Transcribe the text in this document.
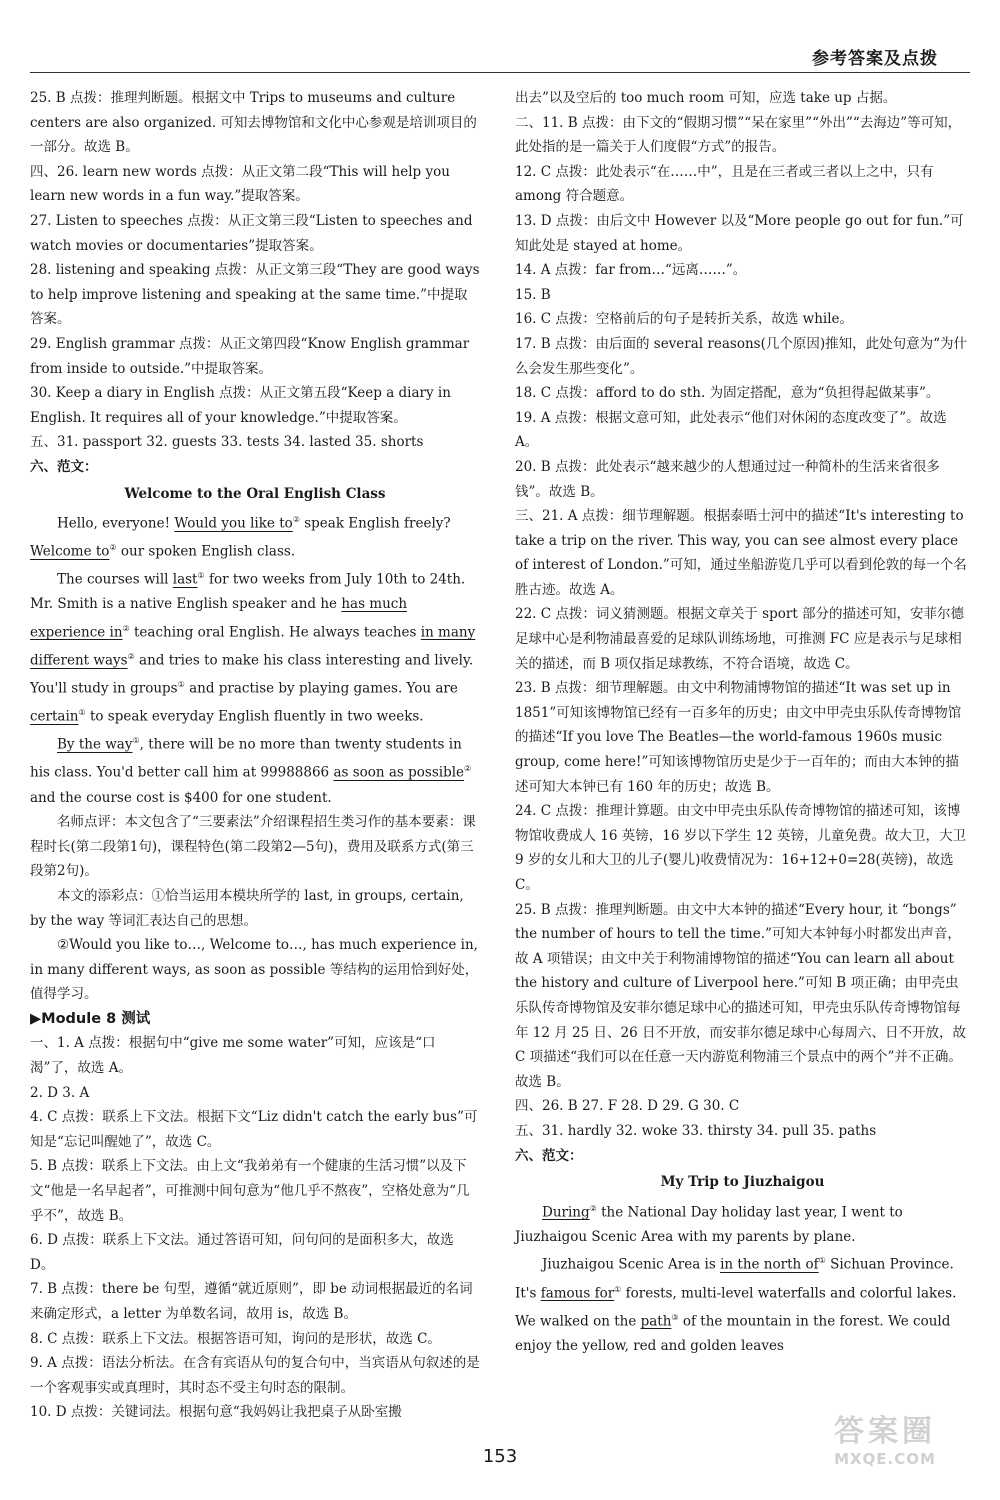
参考答案及点拨

25. B 点拨：推理判断题。根据文中 Trips to museums and culture centers are also organized. 可知去博物馆和文化中心参观是培训项目的一部分。故选 B。

四、26. learn new words 点拨：从正文第二段“This will help you learn new words in a fun way.”提取答案。

27. Listen to speeches 点拨：从正文第三段“Listen to speeches and watch movies or documentaries”提取答案。

28. listening and speaking 点拨：从正文第三段“They are good ways to help improve listening and speaking at the same time.”中提取答案。

29. English grammar 点拨：从正文第四段“Know English grammar from inside to outside.”中提取答案。

30. Keep a diary in English 点拨：从正文第五段“Keep a diary in English. It requires all of your knowledge.”中提取答案。

五、31. passport 32. guests 33. tests 34. lasted 35. shorts

六、范文：

Welcome to the Oral English Class

Hello, everyone! Would you like to② speak English freely? Welcome to② our spoken English class.

The courses will last① for two weeks from July 10th to 24th. Mr. Smith is a native English speaker and he has much experience in② teaching oral English. He always teaches in many different ways② and tries to make his class interesting and lively. You'll study in groups① and practise by playing games. You are certain① to speak everyday English fluently in two weeks.

By the way①, there will be no more than twenty students in his class. You'd better call him at 99988866 as soon as possible② and the course cost is $400 for one student.

名师点评：本文包含了“三要素法”介绍课程招生类习作的基本要素：课程时长(第二段第1句)，课程特色(第二段第2—5句)，费用及联系方式(第三段第2句)。

本文的添彩点：①恰当运用本模块所学的 last, in groups, certain, by the way 等词汇表达自己的思想。

②Would you like to…, Welcome to…, has much experience in, in many different ways, as soon as possible 等结构的运用恰到好处，值得学习。

▶Module 8 测试

一、1. A 点拨：根据句中“give me some water”可知，应该是“口渴”了，故选 A。

2. D 3. A

4. C 点拨：联系上下文法。根据下文“Liz didn't catch the early bus”可知是“忘记叫醒她了”，故选 C。

5. B 点拨：联系上下文法。由上文“我弟弟有一个健康的生活习惯”以及下文“他是一名早起者”，可推测中间句意为“他几乎不熬夜”，空格处意为“几乎不”，故选 B。

6. D 点拨：联系上下文法。通过答语可知，问句问的是面积多大，故选 D。

7. B 点拨：there be 句型，遵循“就近原则”，即 be 动词根据最近的名词来确定形式，a letter 为单数名词，故用 is，故选 B。

8. C 点拨：联系上下文法。根据答语可知，询问的是形状，故选 C。

9. A 点拨：语法分析法。在含有宾语从句的复合句中，当宾语从句叙述的是一个客观事实或真理时，其时态不受主句时态的限制。

10. D 点拨：关键词法。根据句意“我妈妈让我把桌子从卧室搬

出去”以及空后的 too much room 可知，应选 take up 占据。

二、11. B 点拨：由下文的“假期习惯”“呆在家里”“外出”“去海边”等可知，此处指的是一篇关于人们度假“方式”的报告。

12. C 点拨：此处表示“在……中”，且是在三者或三者以上之中，只有 among 符合题意。

13. D 点拨：由后文中 However 以及“More people go out for fun.”可知此处是 stayed at home。

14. A 点拨：far from…“远离……”。

15. B

16. C 点拨：空格前后的句子是转折关系，故选 while。

17. B 点拨：由后面的 several reasons(几个原因)推知，此处句意为“为什么会发生那些变化”。

18. C 点拨：afford to do sth. 为固定搭配，意为“负担得起做某事”。

19. A 点拨：根据文意可知，此处表示“他们对休闲的态度改变了”。故选 A。

20. B 点拨：此处表示“越来越少的人想通过过一种简朴的生活来省很多钱”。故选 B。

三、21. A 点拨：细节理解题。根据泰晤士河中的描述“It's interesting to take a trip on the river. This way, you can see almost every place of interest of London.”可知，通过坐船游览几乎可以看到伦敦的每一个名胜古迹。故选 A。

22. C 点拨：词义猜测题。根据文章关于 sport 部分的描述可知，安菲尔德足球中心是利物浦最喜爱的足球队训练场地，可推测 FC 应是表示与足球相关的描述，而 B 项仅指足球教练，不符合语境，故选 C。

23. B 点拨：细节理解题。由文中利物浦博物馆的描述“It was set up in 1851”可知该博物馆已经有一百多年的历史；由文中甲壳虫乐队传奇博物馆的描述“If you love The Beatles—the world-famous 1960s music group, come here!”可知该博物馆历史是少于一百年的；而由大本钟的描述可知大本钟已有 160 年的历史；故选 B。

24. C 点拨：推理计算题。由文中甲壳虫乐队传奇博物馆的描述可知，该博物馆收费成人 16 英镑，16 岁以下学生 12 英镑，儿童免费。故大卫，大卫 9 岁的女儿和大卫的儿子(婴儿)收费情况为：16+12+0=28(英镑)，故选 C。

25. B 点拨：推理判断题。由文中大本钟的描述“Every hour, it “bongs” the number of hours to tell the time.”可知大本钟每小时都发出声音，故 A 项错误；由文中关于利物浦博物馆的描述“You can learn all about the history and culture of Liverpool here.”可知 B 项正确；由甲壳虫乐队传奇博物馆及安菲尔德足球中心的描述可知，甲壳虫乐队传奇博物馆每年 12 月 25 日、26 日不开放，而安菲尔德足球中心每周六、日不开放，故 C 项描述“我们可以在任意一天内游览利物浦三个景点中的两个”并不正确。故选 B。

四、26. B 27. F 28. D 29. G 30. C

五、31. hardly 32. woke 33. thirsty 34. pull 35. paths

六、范文：

My Trip to Jiuzhaigou

During② the National Day holiday last year, I went to Jiuzhaigou Scenic Area with my parents by plane.

Jiuzhaigou Scenic Area is in the north of① Sichuan Province. It's famous for① forests, multi-level waterfalls and colorful lakes. We walked on the path③ of the mountain in the forest. We could enjoy the yellow, red and golden leaves

153
答案圈
MXQE.COM
